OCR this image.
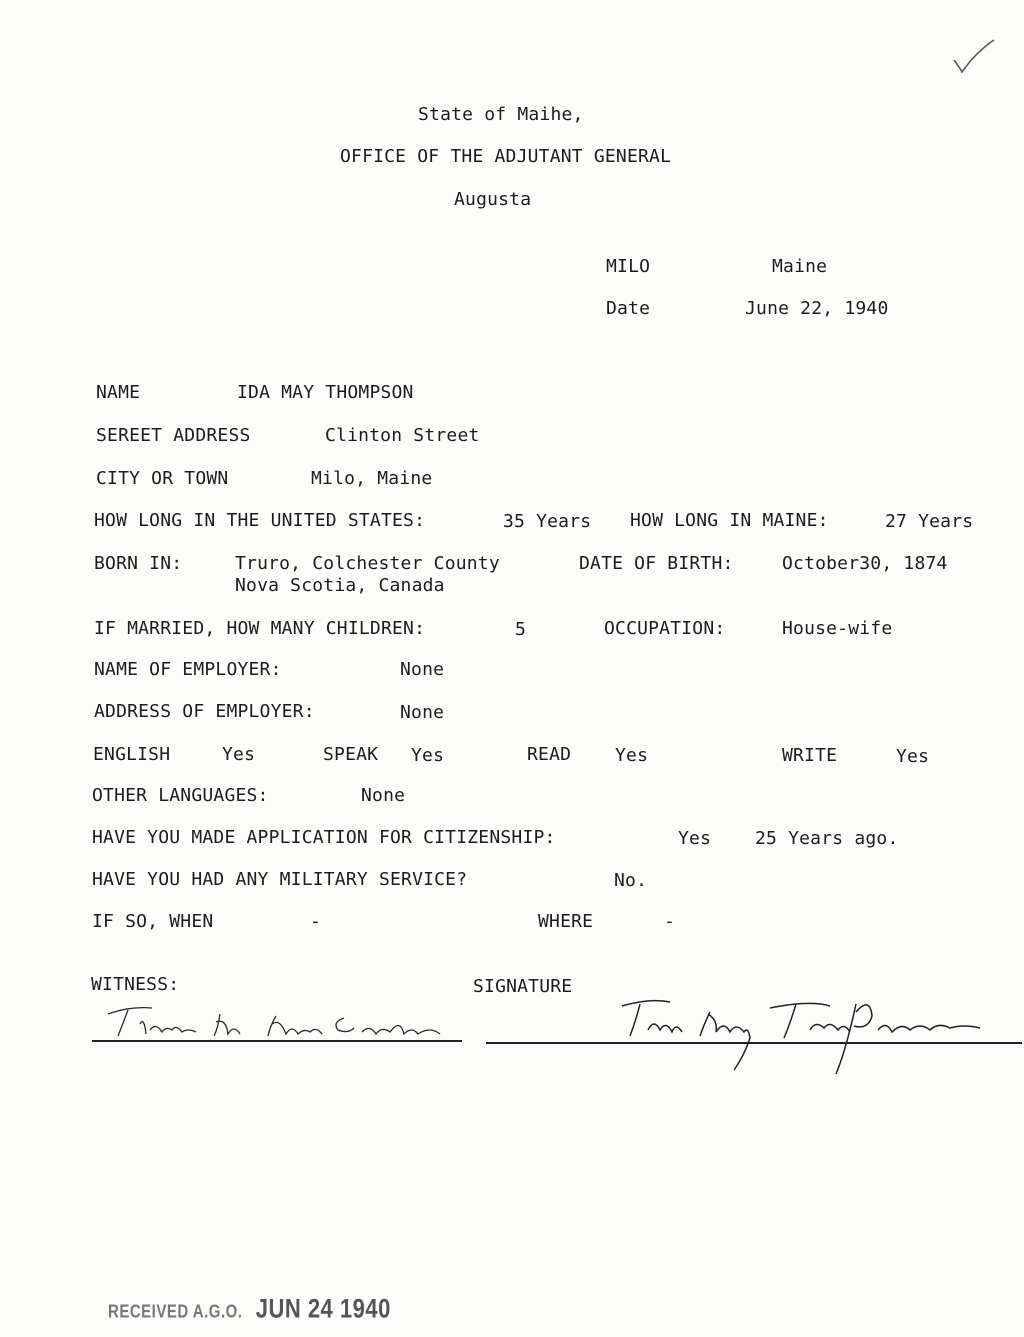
State of Maihe,
OFFICE OF THE ADJUTANT GENERAL
Augusta
MILO	Maine
Date	June 22, 1940
NAME	IDA MAY THOMPSON
SEREET ADDRESS	Clinton Street
CITY OR TOWN	Milo, Maine
HOW LONG IN THE UNITED STATES:	35 Years HOW LONG IN MAINE:	27 Years
BORN IN:	Truro, Colchester County
Nova Scotia, Canada
DATE OF BIRTH:	October30, 1874
IF MARRIED, HOW MANY CHILDREN:	5	OCCUPATION:	House-wife
NAME OF EMPLOYER:	None
ADDRESS OF EMPLOYER:	None
ENGLISH	Yes	SPEAK Yes	READ Yes	WRITE	Yes
OTHER LANGUAGES:	None
HAVE YOU MADE APPLICATION FOR CITIZENSHIP:	Yes 25 Years ago.
HAVE YOU HAD ANY MILITARY SERVICE?	No.
IF SO, WHEN	-	WHERE	-
WITNESS:	SIGNATURE
RECEIVED A.G.O. JUN 24 1940
